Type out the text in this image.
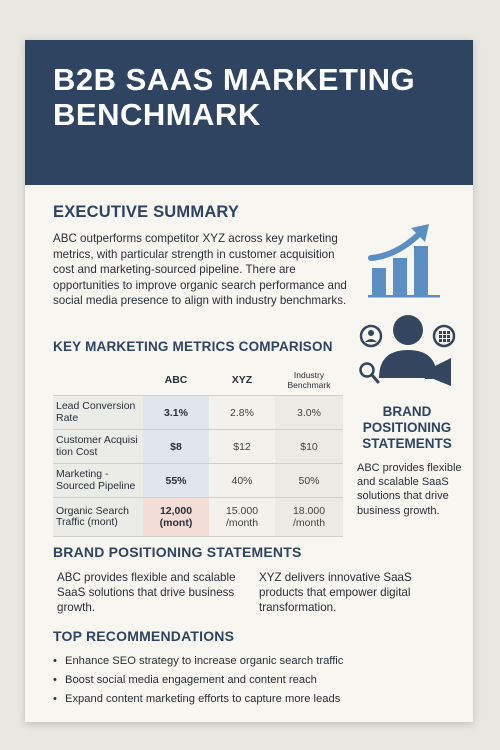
B2B SAAS MARKETING BENCHMARK
EXECUTIVE SUMMARY
ABC outperforms competitor XYZ across key marketing metrics, with particular strength in customer acquisition cost and marketing-sourced pipeline. There are opportunities to improve organic search performance and social media presence to align with industry benchmarks.
KEY MARKETING METRICS COMPARISON
	ABC	XYZ	Industry Benchmark
Lead Conversion Rate	3.1%	2.8%	3.0%
Customer Acquisi tion Cost	$8	$12	$10
Marketing - Sourced Pipeline	55%	40%	50%
Organic Search Traffic (mont)	12,000 (mont)	15.000 /month	18.000 /month
BRAND POSITIONING STATEMENTS
ABC provides flexible and scalable SaaS solutions that drive business growth.
BRAND POSITIONING STATEMENTS
ABC provides flexible and scalable SaaS solutions that drive business growth.
XYZ delivers innovative SaaS products that empower digital transformation.
TOP RECOMMENDATIONS
• Enhance SEO strategy to increase organic search traffic
• Boost social media engagement and content reach
• Expand content marketing efforts to capture more leads
